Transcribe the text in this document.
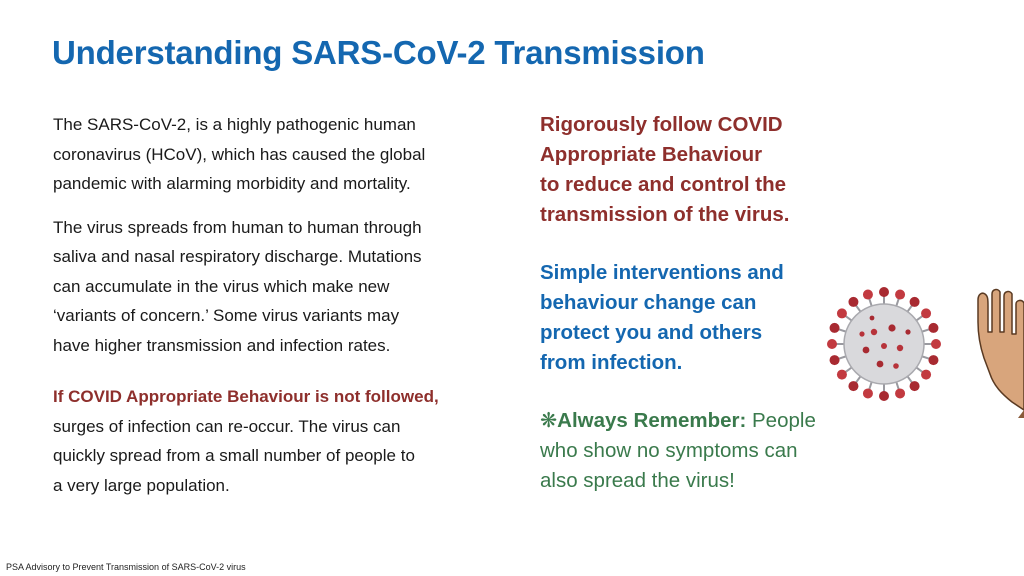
Understanding SARS-CoV-2 Transmission

The SARS-CoV-2, is a highly pathogenic human
coronavirus (HCoV), which has caused the global
pandemic with alarming morbidity and mortality.

The virus spreads from human to human through
saliva and nasal respiratory discharge. Mutations
can accumulate in the virus which make new
‘variants of concern.’ Some virus variants may
have higher transmission and infection rates.

If COVID Appropriate Behaviour is not followed,
surges of infection can re-occur. The virus can
quickly spread from a small number of people to
a very large population.

Rigorously follow COVID
Appropriate Behaviour
to reduce and control the
transmission of the virus.
Simple interventions and
behaviour change can
protect you and others
from infection.
❋Always Remember: People
who show no symptoms can
also spread the virus!
PSA Advisory to Prevent Transmission of SARS-CoV-2 virus
